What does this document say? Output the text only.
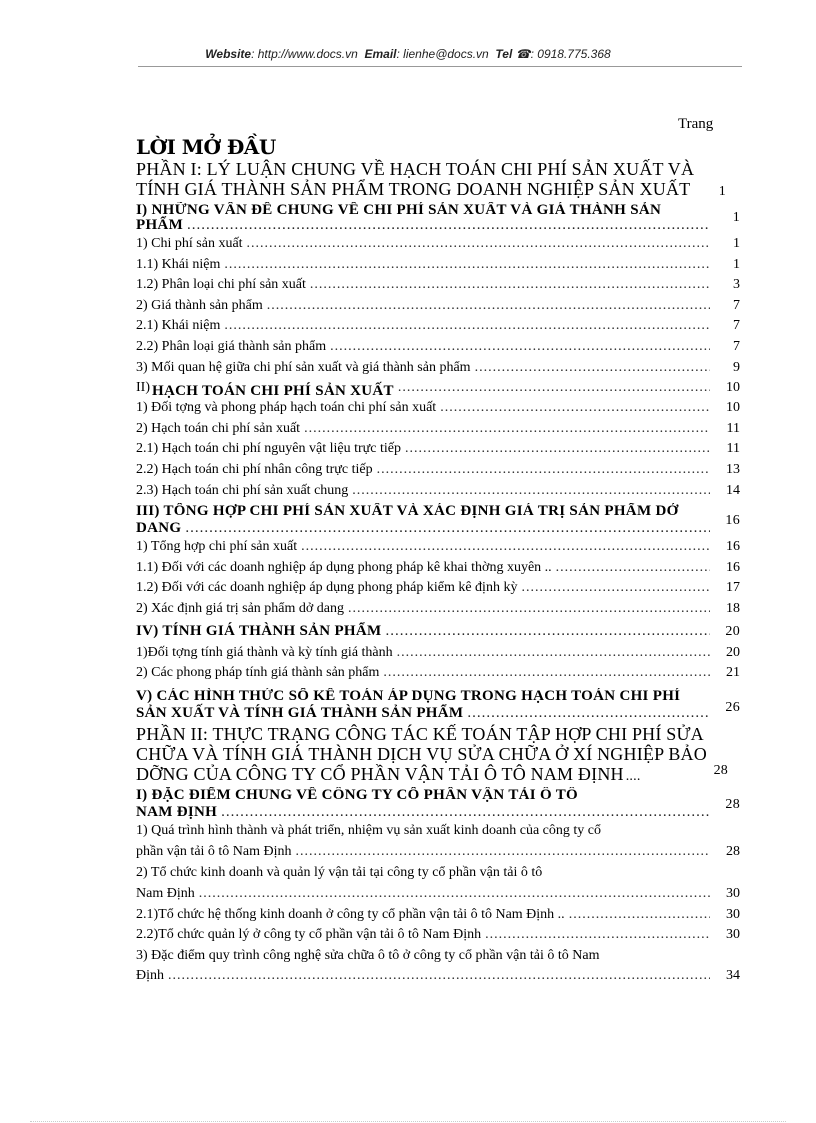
Website: http://www.docs.vn Email: lienhe@docs.vn Tel ☎: 0918.775.368
Trang
LỜI MỞ ĐẦU
PHẦN I: LÝ LUẬN CHUNG VỀ HẠCH TOÁN CHI PHÍ SẢN XUẤT VÀ
TÍNH GIÁ THÀNH SẢN PHẨM TRONG DOANH NGHIỆP SẢN XUẤT	1
I) NHỮNG VẤN ĐỀ CHUNG VỀ CHI PHÍ SẢN XUẤT VÀ GIÁ THÀNH SẢN
PHẨM .....	1
1) Chi phí sản xuất .....	1
1.1) Khái niệm .....	1
1.2) Phân loại chi phí sản xuất .....	3
2) Giá thành sản phẩm .....	7
2.1) Khái niệm .....	7
2.2) Phân loại giá thành sản phẩm .....	7
3) Mối quan hệ giữa chi phí sản xuất và giá thành sản phẩm .....	9
II) HẠCH TOÁN CHI PHÍ SẢN XUẤT .....	10
1) Đối tợng và phong pháp hạch toán chi phí sản xuất .....	10
2) Hạch toán chi phí sản xuất .....	11
2.1) Hạch toán chi phí nguyên vật liệu trực tiếp .....	11
2.2) Hạch toán chi phí nhân công trực tiếp .....	13
2.3) Hạch toán chi phí sản xuất chung .....	14
III) TỔNG HỢP CHI PHÍ SẢN XUẤT VÀ XÁC ĐỊNH GIÁ TRỊ SẢN PHẨM DỞ
DANG .....	16
1) Tổng hợp chi phí sản xuất .....	16
1.1) Đối với các doanh nghiệp áp dụng phong pháp kê khai thờng xuyên .. .....	16
1.2) Đối với các doanh nghiệp áp dụng phong pháp kiểm kê định kỳ .....	17
2) Xác định giá trị sản phẩm dở dang .....	18
IV) TÍNH GIÁ THÀNH SẢN PHẨM .....	20
1)Đối tợng tính giá thành và kỳ tính giá thành .....	20
2) Các phong pháp tính giá thành sản phẩm .....	21
V) CÁC HÌNH THỨC SỔ KẾ TOÁN ÁP DỤNG TRONG HẠCH TOÁN CHI PHÍ
SẢN XUẤT VÀ TÍNH GIÁ THÀNH SẢN PHẨM .....	26
PHẦN II: THỰC TRẠNG CÔNG TÁC KẾ TOÁN TẬP HỢP CHI PHÍ SỬA
CHỮA VÀ TÍNH GIÁ THÀNH DỊCH VỤ SỬA CHỮA Ở XÍ NGHIỆP BẢO
DỠNG CỦA CÔNG TY CỔ PHẦN VẬN TẢI Ô TÔ NAM ĐỊNH ....	28
I) ĐẶC ĐIỂM CHUNG VỀ CÔNG TY CỔ PHẦN VẬN TẢI Ô TÔ
NAM ĐỊNH .....	28
1) Quá trình hình thành và phát triển, nhiệm vụ sản xuất kinh doanh của công ty cổ
phần vận tải ô tô Nam Định .....	28
2) Tổ chức kinh doanh và quản lý vận tải tại công ty cổ phần vận tải ô tô
Nam Định .....	30
2.1)Tổ chức hệ thống kinh doanh ở công ty cổ phần vận tải ô tô Nam Định .. .....	30
2.2)Tổ chức quản lý ở công ty cổ phần vận tải ô tô Nam Định .....	30
3) Đặc điểm quy trình công nghệ sửa chữa ô tô ở công ty cổ phần vận tải ô tô Nam
Định .....	34
